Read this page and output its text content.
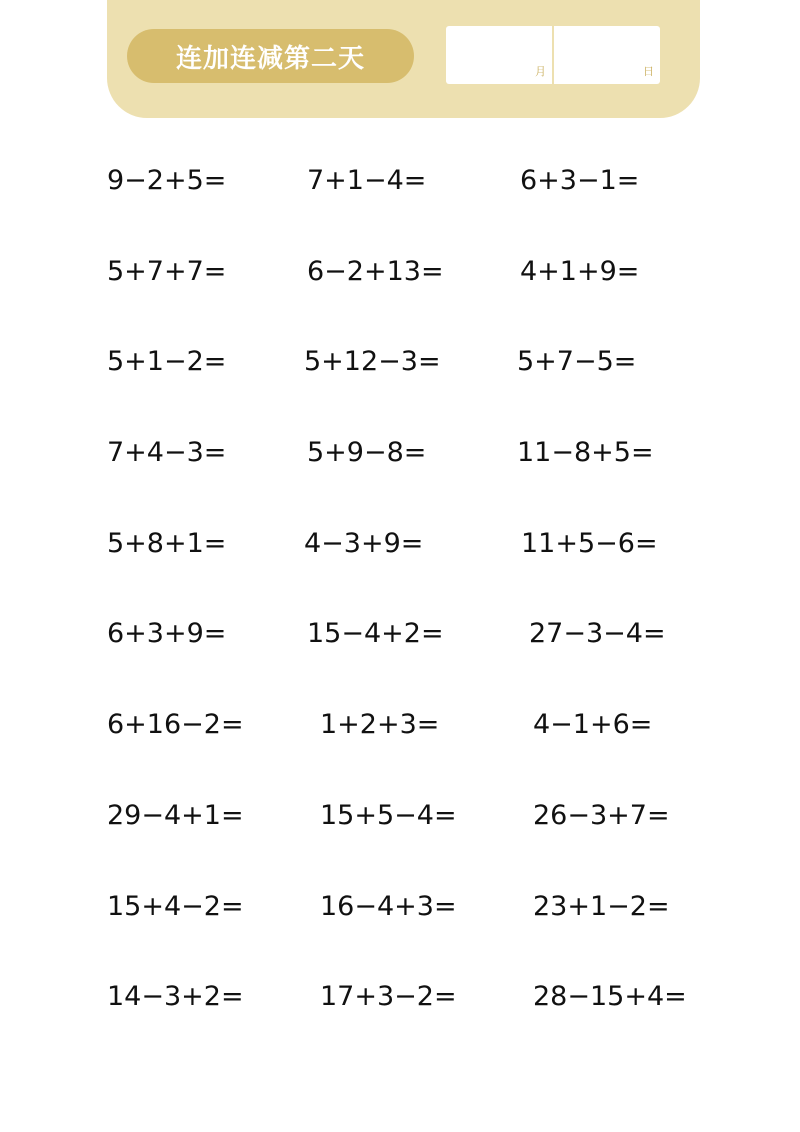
连加连减第二天	月	日
9−2+5=	7+1−4=	6+3−1=
5+7+7=	6−2+13=	4+1+9=
5+1−2=	5+12−3=	5+7−5=
7+4−3=	5+9−8=	11−8+5=
5+8+1=	4−3+9=	11+5−6=
6+3+9=	15−4+2=	27−3−4=
6+16−2=	1+2+3=	4−1+6=
29−4+1=	15+5−4=	26−3+7=
15+4−2=	16−4+3=	23+1−2=
14−3+2=	17+3−2=	28−15+4=
